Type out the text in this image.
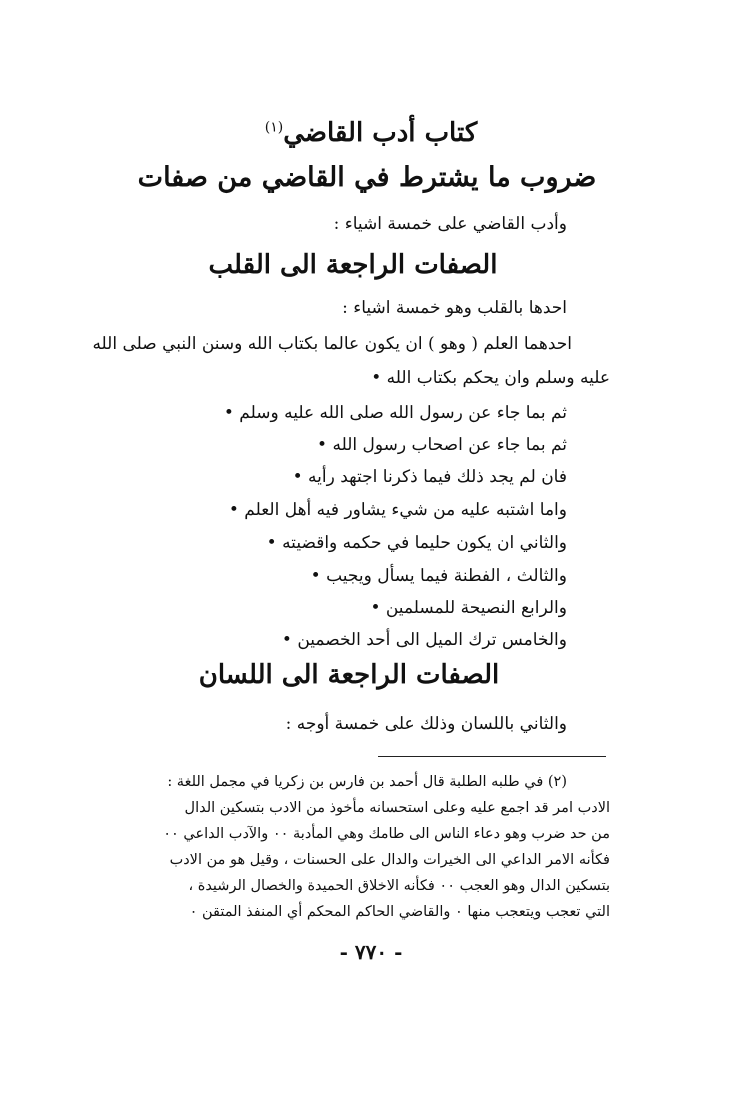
كتاب أدب القاضي$^{(١)}$
ضروب ما يشترط في القاضي من صفات
وأدب القاضي على خمسة اشياء :
الصفات الراجعة الى القلب
احدها بالقلب وهو خمسة اشياء :
احدهما العلم ( وهو ) ان يكون عالما بكتاب الله وسنن النبي صلى الله
عليه وسلم وان يحكم بكتاب الله •
ثم بما جاء عن رسول الله صلى الله عليه وسلم •
ثم بما جاء عن اصحاب رسول الله •
فان لم يجد ذلك فيما ذكرنا اجتهد رأيه •
واما اشتبه عليه من شيء يشاور فيه أهل العلم •
والثاني ان يكون حليما في حكمه واقضيته •
والثالث ، الفطنة فيما يسأل ويجيب •
والرابع النصيحة للمسلمين •
والخامس ترك الميل الى أحد الخصمين •
الصفات الراجعة الى اللسان
والثاني باللسان وذلك على خمسة أوجه :
(٢) في طلبه الطلبة قال أحمد بن فارس بن زكريا في مجمل اللغة :
الادب امر قد اجمع عليه وعلى استحسانه مأخوذ من الادب بتسكين الدال
من حد ضرب وهو دعاء الناس الى طامك وهي المأدبة ٠٠ والآدب الداعي ٠٠
فكأنه الامر الداعي الى الخيرات والدال على الحسنات ، وقيل هو من الادب
بتسكين الدال وهو العجب ٠٠ فكأنه الاخلاق الحميدة والخصال الرشيدة ،
التي تعجب ويتعجب منها ٠ والقاضي الحاكم المحكم أي المنفذ المتقن ٠
- ٧٧٠ -
